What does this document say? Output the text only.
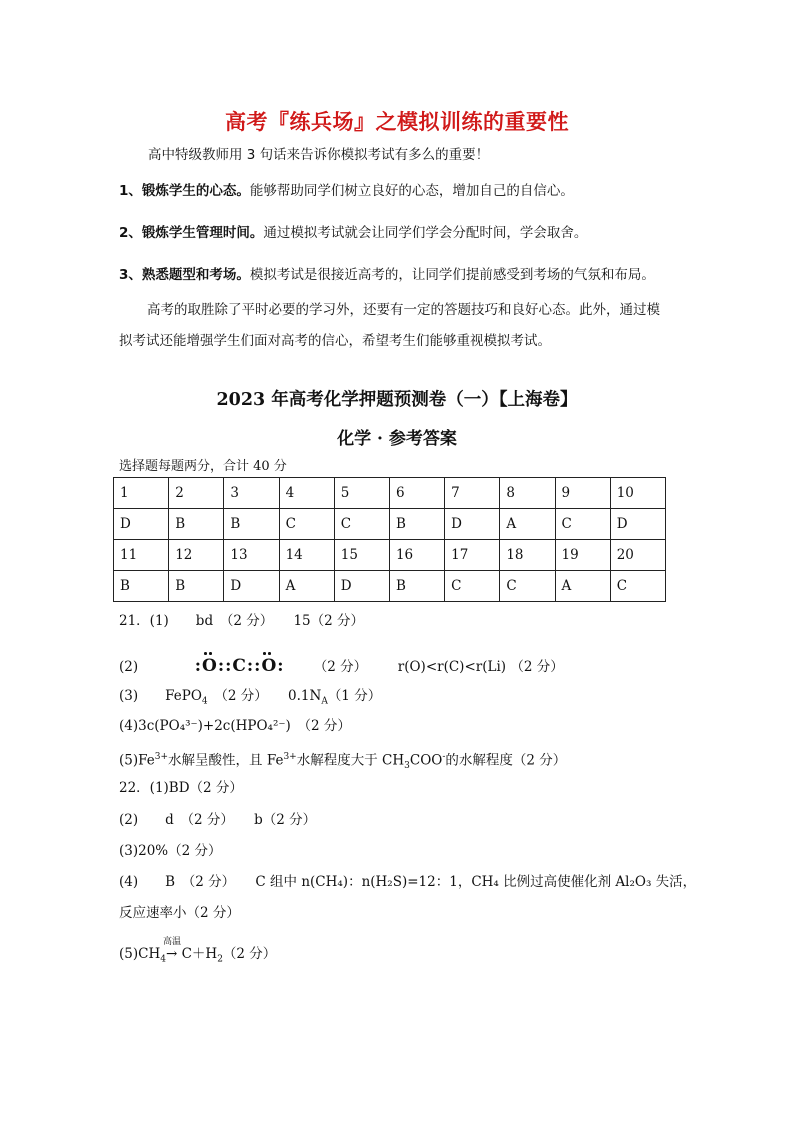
高考『练兵场』之模拟训练的重要性
高中特级教师用 3 句话来告诉你模拟考试有多么的重要！
1、锻炼学生的心态。能够帮助同学们树立良好的心态，增加自己的自信心。
2、锻炼学生管理时间。通过模拟考试就会让同学们学会分配时间，学会取舍。
3、熟悉题型和考场。模拟考试是很接近高考的，让同学们提前感受到考场的气氛和布局。
高考的取胜除了平时必要的学习外，还要有一定的答题技巧和良好心态。此外，通过模
拟考试还能增强学生们面对高考的信心，希望考生们能够重视模拟考试。
2023 年高考化学押题预测卷（一）【上海卷】
化学 · 参考答案
选择题每题两分，合计 40 分
1	2	3	4	5	6	7	8	9	10
D	B	B	C	C	B	D	A	C	D
11	12	13	14	15	16	17	18	19	20
B	B	D	A	D	B	C	C	A	C
21．(1)　　bd　（2 分）　　15（2 分）
(2)	:O::C::O: （2 分） r(O)<r(C)<r(Li) （2 分）
(3)　　FePO$_4$　（2 分）　　$0.1N_A(1$ 分）
(4)3c(PO₄³⁻)+2c(HPO₄²⁻)　（2 分）
$(5)Fe^{3+}$水解呈酸性，且 $Fe^{3+}$水解程度大于 $CH_3COO^-$的水解程度（2 分）
22．(1)BD（2 分）
(2)　　d　（2 分）　　b（2 分）
(3)20%（2 分）
(4)　　B　（2 分）　　C 组中 n(CH₄)：n(H₂S)=12：1，CH₄ 比例过高使催化剂 Al₂O₃ 失活，
反应速率小（2 分）
$(5)CH_4$
高温
→ $C+H_2(2$ 分）
